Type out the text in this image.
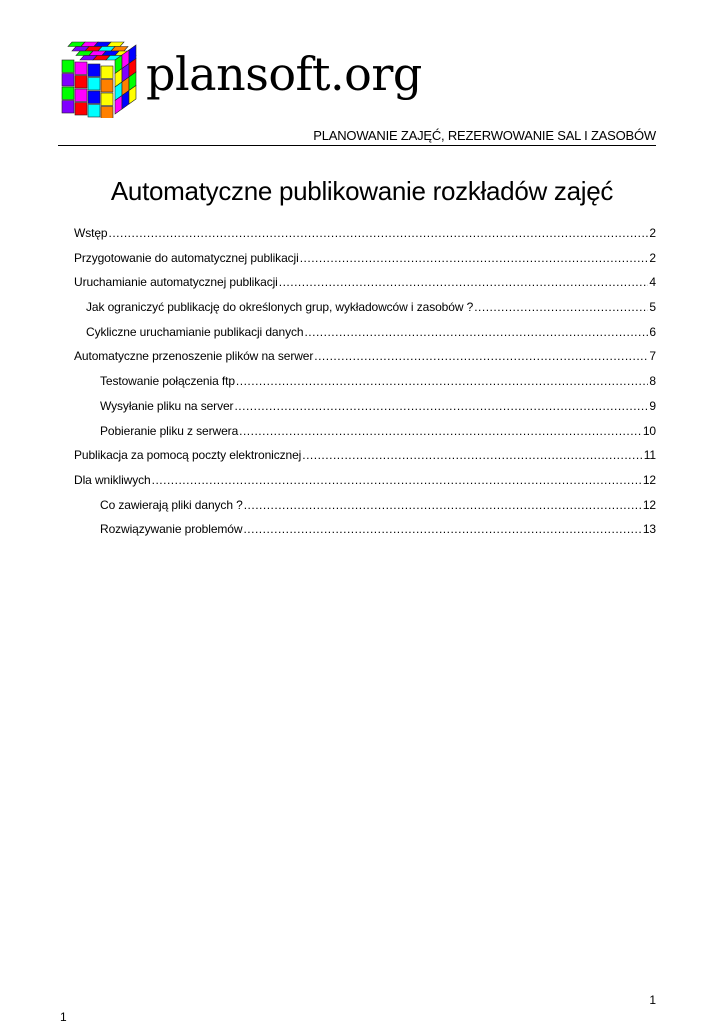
plansoft.org
PLANOWANIE ZAJĘĆ, REZERWOWANIE SAL I ZASOBÓW
Automatyczne publikowanie rozkładów zajęć
Wstęp .....	2
Przygotowanie do automatycznej publikacji .....	2
Uruchamianie automatycznej publikacji .....	4
Jak ograniczyć publikację do określonych grup, wykładowców i zasobów ? .....	5
Cykliczne uruchamianie publikacji danych .....	6
Automatyczne przenoszenie plików na serwer .....	7
Testowanie połączenia ftp .....	8
Wysyłanie pliku na server .....	9
Pobieranie pliku z serwera .....	10
Publikacja za pomocą poczty elektronicznej .....	11
Dla wnikliwych .....	12
Co zawierają pliki danych ? .....	12
Rozwiązywanie problemów .....	13
1
1
